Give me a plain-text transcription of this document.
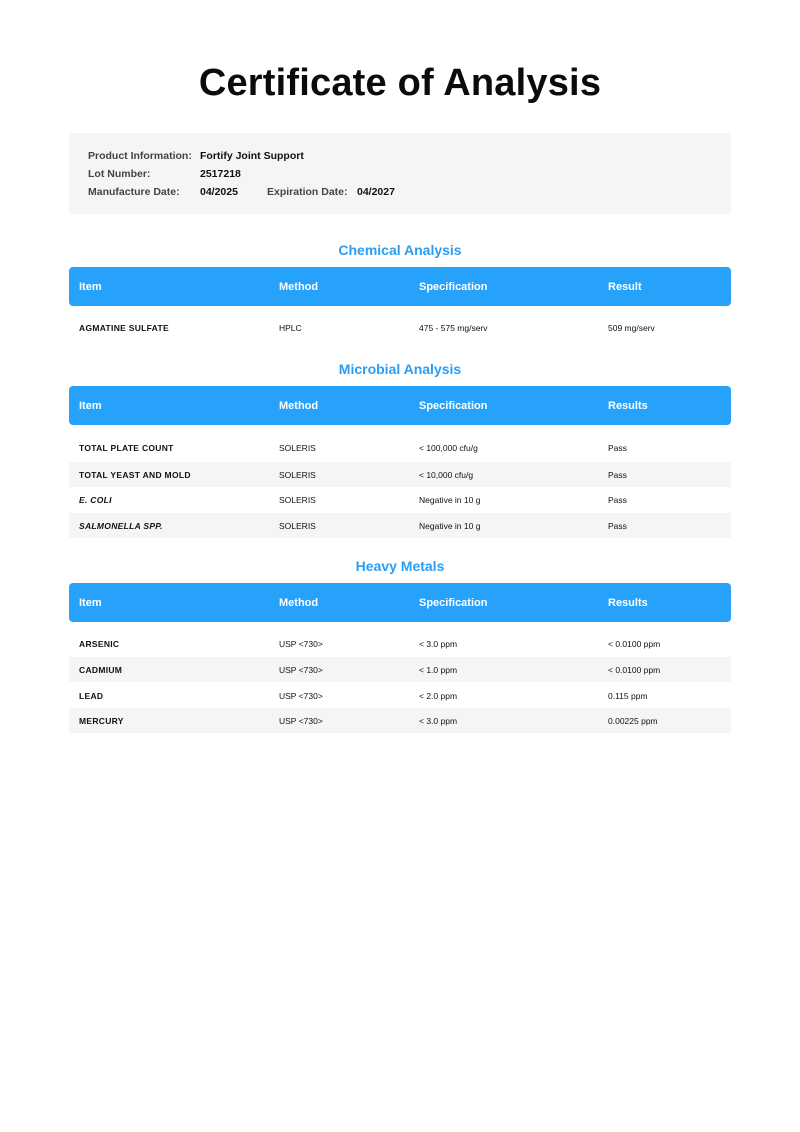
Certificate of Analysis
Product Information: Fortify Joint Support
Lot Number:	2517218
Manufacture Date: 04/2025	Expiration Date: 04/2027
Chemical Analysis
Item	Method	Specification	Result
AGMATINE SULFATE	HPLC	475 - 575 mg/serv	509 mg/serv
Microbial Analysis
Item	Method	Specification	Results
TOTAL PLATE COUNT	SOLERIS	< 100,000 cfu/g	Pass
TOTAL YEAST AND MOLD	SOLERIS	< 10,000 cfu/g	Pass
E. COLI	SOLERIS	Negative in 10 g	Pass
SALMONELLA SPP.	SOLERIS	Negative in 10 g	Pass
Heavy Metals
Item	Method	Specification	Results
ARSENIC	USP <730>	< 3.0 ppm	< 0.0100 ppm
CADMIUM	USP <730>	< 1.0 ppm	< 0.0100 ppm
LEAD	USP <730>	< 2.0 ppm	0.115 ppm
MERCURY	USP <730>	< 3.0 ppm	0.00225 ppm
